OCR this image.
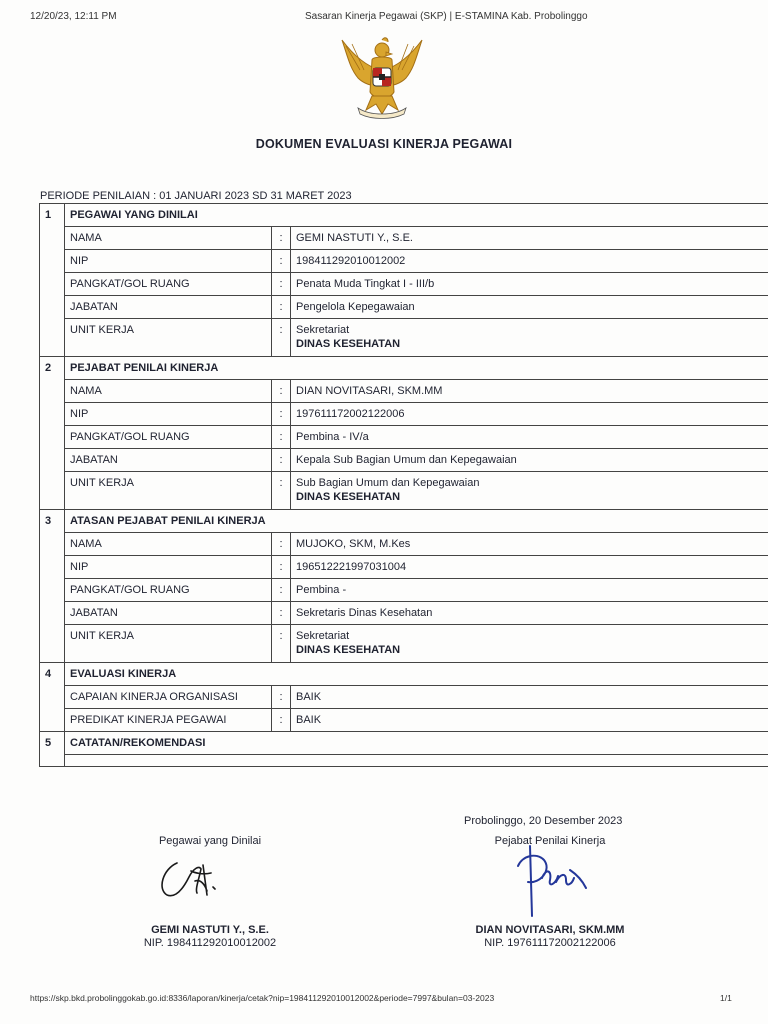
12/20/23, 12:11 PM	Sasaran Kinerja Pegawai (SKP) | E-STAMINA Kab. Probolinggo
DOKUMEN EVALUASI KINERJA PEGAWAI
PERIODE PENILAIAN : 01 JANUARI 2023 SD 31 MARET 2023
1	PEGAWAI YANG DINILAI		
	NAMA	:	GEMI NASTUTI Y., S.E.
	NIP	:	198411292010012002
	PANGKAT/GOL RUANG	:	Penata Muda Tingkat I - III/b
	JABATAN	:	Pengelola Kepegawaian
	UNIT KERJA	:	Sekretariat
DINAS KESEHATAN

2	PEJABAT PENILAI KINERJA		
	NAMA	:	DIAN NOVITASARI, SKM.MM
	NIP	:	197611172002122006
	PANGKAT/GOL RUANG	:	Pembina - IV/a
	JABATAN	:	Kepala Sub Bagian Umum dan Kepegawaian
	UNIT KERJA	:	Sub Bagian Umum dan Kepegawaian
DINAS KESEHATAN

3	ATASAN PEJABAT PENILAI KINERJA		
	NAMA	:	MUJOKO, SKM, M.Kes
	NIP	:	196512221997031004
	PANGKAT/GOL RUANG	:	Pembina -
	JABATAN	:	Sekretaris Dinas Kesehatan
	UNIT KERJA	:	Sekretariat
DINAS KESEHATAN

4	EVALUASI KINERJA		
	CAPAIAN KINERJA ORGANISASI	:	BAIK
	PREDIKAT KINERJA PEGAWAI	:	BAIK
5	CATATAN/REKOMENDASI		

Probolinggo, 20 Desember 2023
Pegawai yang Dinilai	Pejabat Penilai Kinerja
GEMI NASTUTI Y., S.E.
NIP. 198411292010012002
DIAN NOVITASARI, SKM.MM
NIP. 197611172002122006
https://skp.bkd.probolinggokab.go.id:8336/laporan/kinerja/cetak?nip=198411292010012002&periode=7997&bulan=03-2023	1/1
